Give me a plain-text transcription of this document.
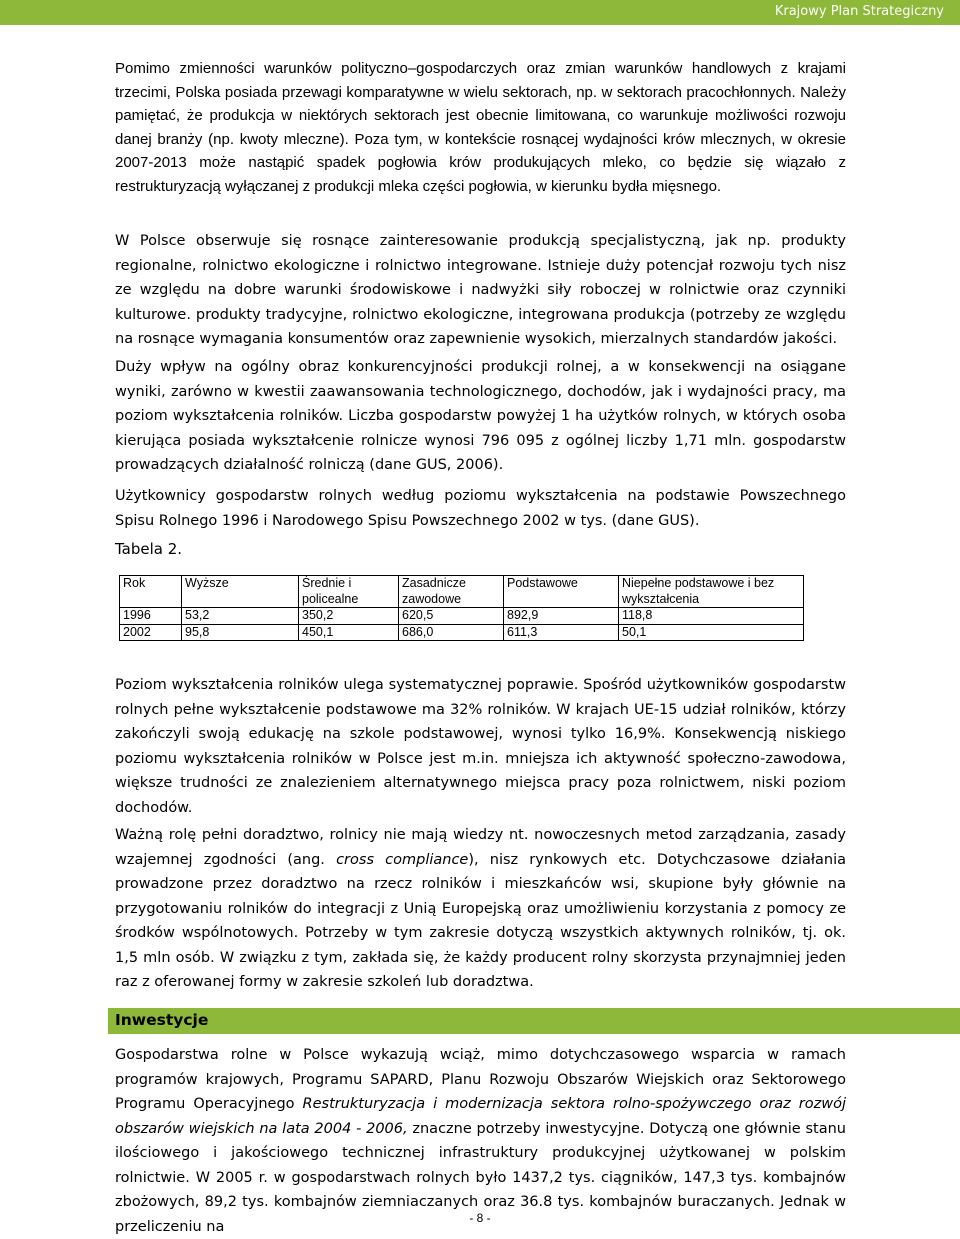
Krajowy Plan Strategiczny

Pomimo zmienności warunków polityczno–gospodarczych oraz zmian warunków handlowych z krajami trzecimi, Polska posiada przewagi komparatywne w wielu sektorach, np. w sektorach pracochłonnych. Należy pamiętać, że produkcja w niektórych sektorach jest obecnie limitowana, co warunkuje możliwości rozwoju danej branży (np. kwoty mleczne). Poza tym, w kontekście rosnącej wydajności krów mlecznych, w okresie 2007-2013 może nastąpić spadek pogłowia krów produkujących mleko, co będzie się wiązało z restrukturyzacją wyłączanej z produkcji mleka części pogłowia, w kierunku bydła mięsnego.

W Polsce obserwuje się rosnące zainteresowanie produkcją specjalistyczną, jak np. produkty regionalne, rolnictwo ekologiczne i rolnictwo integrowane. Istnieje duży potencjał rozwoju tych nisz ze względu na dobre warunki środowiskowe i nadwyżki siły roboczej w rolnictwie oraz czynniki kulturowe. produkty tradycyjne, rolnictwo ekologiczne, integrowana produkcja (potrzeby ze względu na rosnące wymagania konsumentów oraz zapewnienie wysokich, mierzalnych standardów jakości.

Duży wpływ na ogólny obraz konkurencyjności produkcji rolnej, a w konsekwencji na osiągane wyniki, zarówno w kwestii zaawansowania technologicznego, dochodów, jak i wydajności pracy, ma poziom wykształcenia rolników. Liczba gospodarstw powyżej 1 ha użytków rolnych, w których osoba kierująca posiada wykształcenie rolnicze wynosi 796 095 z ogólnej liczby 1,71 mln. gospodarstw prowadzących działalność rolniczą (dane GUS, 2006).

Użytkownicy gospodarstw rolnych według poziomu wykształcenia na podstawie Powszechnego Spisu Rolnego 1996 i Narodowego Spisu Powszechnego 2002 w tys. (dane GUS).

Tabela 2.
Rok	Wyższe	Średnie i policealne	Zasadnicze zawodowe	Podstawowe	Niepełne podstawowe i bez wykształcenia
1996	53,2	350,2	620,5	892,9	118,8
2002	95,8	450,1	686,0	611,3	50,1

Poziom wykształcenia rolników ulega systematycznej poprawie. Spośród użytkowników gospodarstw rolnych pełne wykształcenie podstawowe ma 32% rolników. W krajach UE-15 udział rolników, którzy zakończyli swoją edukację na szkole podstawowej, wynosi tylko 16,9%. Konsekwencją niskiego poziomu wykształcenia rolników w Polsce jest m.in. mniejsza ich aktywność społeczno-zawodowa, większe trudności ze znalezieniem alternatywnego miejsca pracy poza rolnictwem, niski poziom dochodów.

Ważną rolę pełni doradztwo, rolnicy nie mają wiedzy nt. nowoczesnych metod zarządzania, zasady wzajemnej zgodności (ang. cross compliance), nisz rynkowych etc. Dotychczasowe działania prowadzone przez doradztwo na rzecz rolników i mieszkańców wsi, skupione były głównie na przygotowaniu rolników do integracji z Unią Europejską oraz umożliwieniu korzystania z pomocy ze środków wspólnotowych. Potrzeby w tym zakresie dotyczą wszystkich aktywnych rolników, tj. ok. 1,5 mln osób. W związku z tym, zakłada się, że każdy producent rolny skorzysta przynajmniej jeden raz z oferowanej formy w zakresie szkoleń lub doradztwa.

Inwestycje

Gospodarstwa rolne w Polsce wykazują wciąż, mimo dotychczasowego wsparcia w ramach programów krajowych, Programu SAPARD, Planu Rozwoju Obszarów Wiejskich oraz Sektorowego Programu Operacyjnego Restrukturyzacja i modernizacja sektora rolno-spożywczego oraz rozwój obszarów wiejskich na lata 2004 - 2006, znaczne potrzeby inwestycyjne. Dotyczą one głównie stanu ilościowego i jakościowego technicznej infrastruktury produkcyjnej użytkowanej w polskim rolnictwie. W 2005 r. w gospodarstwach rolnych było 1437,2 tys. ciągników, 147,3 tys. kombajnów zbożowych, 89,2 tys. kombajnów ziemniaczanych oraz 36.8 tys. kombajnów buraczanych. Jednak w przeliczeniu na

- 8 -
